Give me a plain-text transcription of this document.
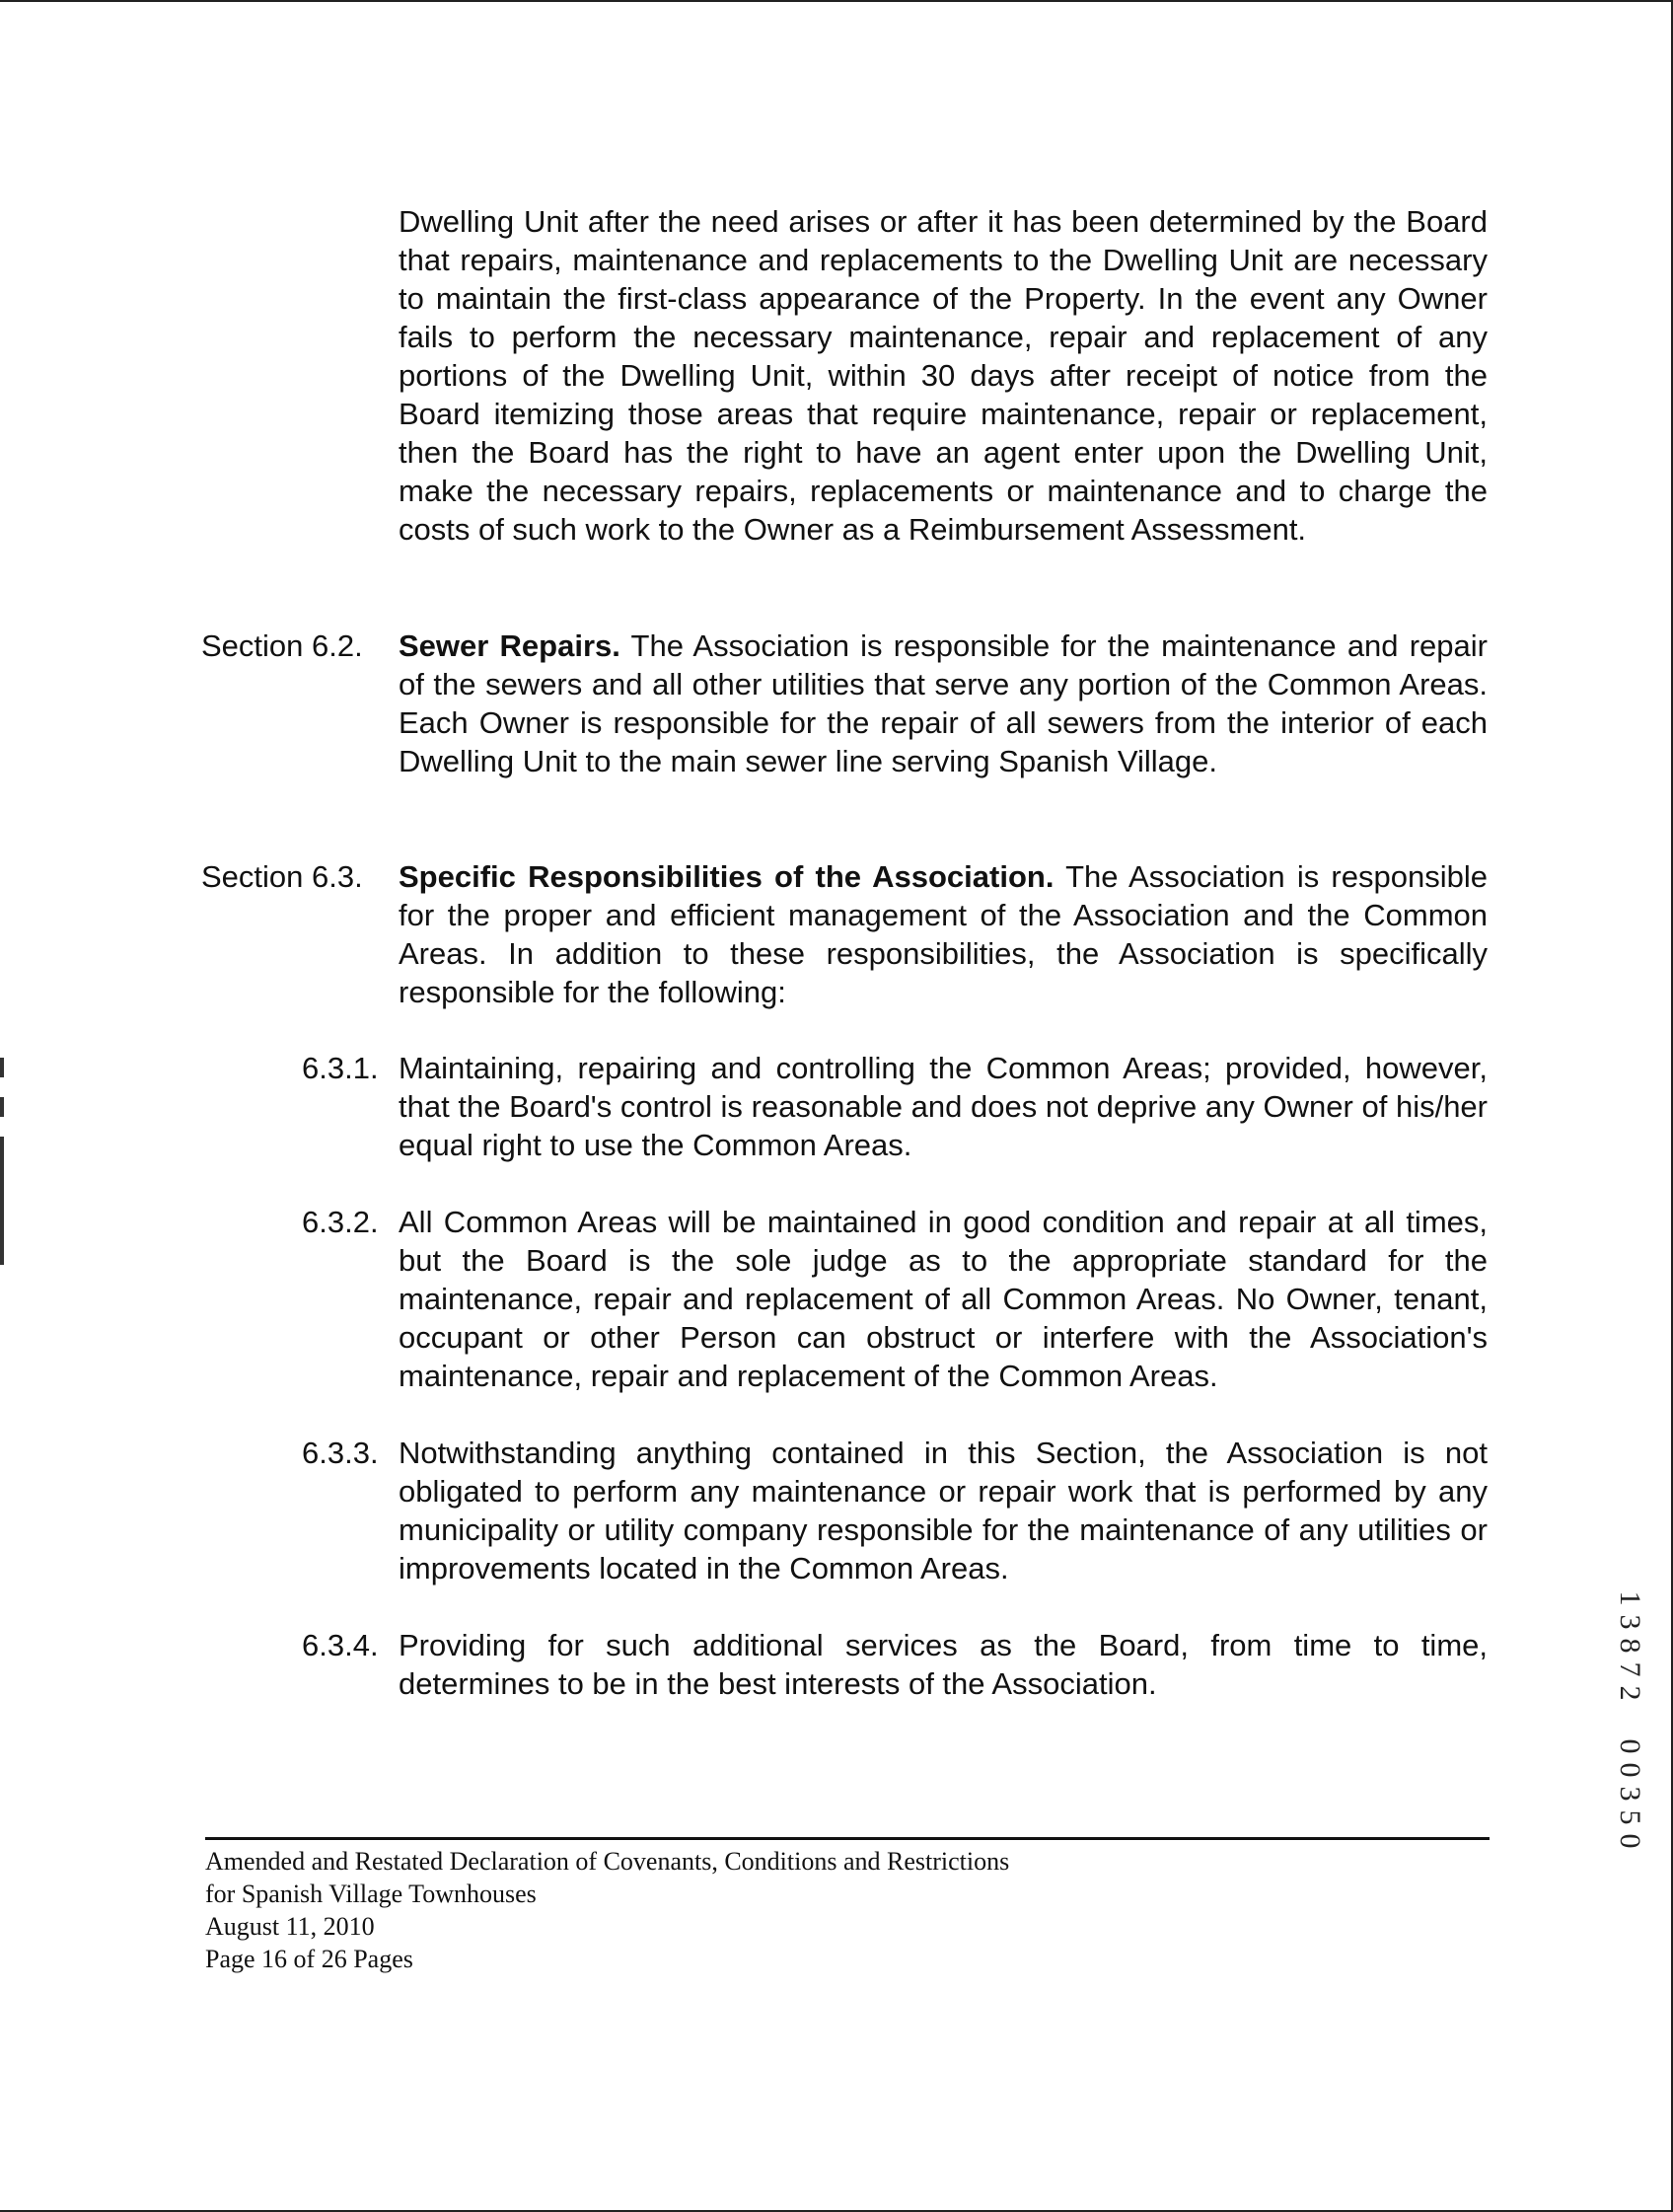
Dwelling Unit after the need arises or after it has been determined by the Board that repairs, maintenance and replacements to the Dwelling Unit are necessary to maintain the first-class appearance of the Property. In the event any Owner fails to perform the necessary maintenance, repair and replacement of any portions of the Dwelling Unit, within 30 days after receipt of notice from the Board itemizing those areas that require maintenance, repair or replacement, then the Board has the right to have an agent enter upon the Dwelling Unit, make the necessary repairs, replacements or maintenance and to charge the costs of such work to the Owner as a Reimbursement Assessment.
Section 6.2. Sewer Repairs. The Association is responsible for the maintenance and repair of the sewers and all other utilities that serve any portion of the Common Areas. Each Owner is responsible for the repair of all sewers from the interior of each Dwelling Unit to the main sewer line serving Spanish Village.
Section 6.3. Specific Responsibilities of the Association. The Association is responsible for the proper and efficient management of the Association and the Common Areas. In addition to these responsibilities, the Association is specifically responsible for the following:
6.3.1. Maintaining, repairing and controlling the Common Areas; provided, however, that the Board's control is reasonable and does not deprive any Owner of his/her equal right to use the Common Areas.
6.3.2. All Common Areas will be maintained in good condition and repair at all times, but the Board is the sole judge as to the appropriate standard for the maintenance, repair and replacement of all Common Areas. No Owner, tenant, occupant or other Person can obstruct or interfere with the Association's maintenance, repair and replacement of the Common Areas.
6.3.3. Notwithstanding anything contained in this Section, the Association is not obligated to perform any maintenance or repair work that is performed by any municipality or utility company responsible for the maintenance of any utilities or improvements located in the Common Areas.
6.3.4. Providing for such additional services as the Board, from time to time, determines to be in the best interests of the Association.
Amended and Restated Declaration of Covenants, Conditions and Restrictions
for Spanish Village Townhouses
August 11, 2010
Page 16 of 26 Pages
1
3
8
7
2
0
0
3
5
0
